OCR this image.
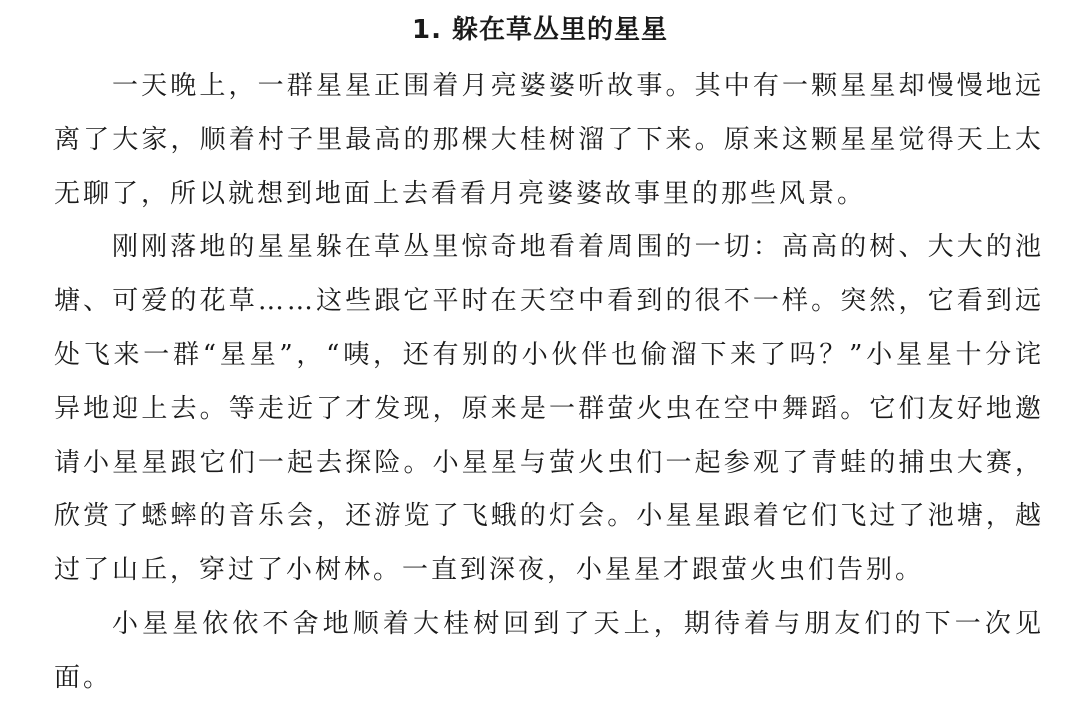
1. 躲在草丛里的星星

一天晚上，一群星星正围着月亮婆婆听故事。其中有一颗星星却慢慢地远离了大家，顺着村子里最高的那棵大桂树溜了下来。原来这颗星星觉得天上太无聊了，所以就想到地面上去看看月亮婆婆故事里的那些风景。

刚刚落地的星星躲在草丛里惊奇地看着周围的一切：高高的树、大大的池塘、可爱的花草……这些跟它平时在天空中看到的很不一样。突然，它看到远处飞来一群“星星”，“咦，还有别的小伙伴也偷溜下来了吗？”小星星十分诧异地迎上去。等走近了才发现，原来是一群萤火虫在空中舞蹈。它们友好地邀请小星星跟它们一起去探险。小星星与萤火虫们一起参观了青蛙的捕虫大赛，欣赏了蟋蟀的音乐会，还游览了飞蛾的灯会。小星星跟着它们飞过了池塘，越过了山丘，穿过了小树林。一直到深夜，小星星才跟萤火虫们告别。

小星星依依不舍地顺着大桂树回到了天上，期待着与朋友们的下一次见面。
